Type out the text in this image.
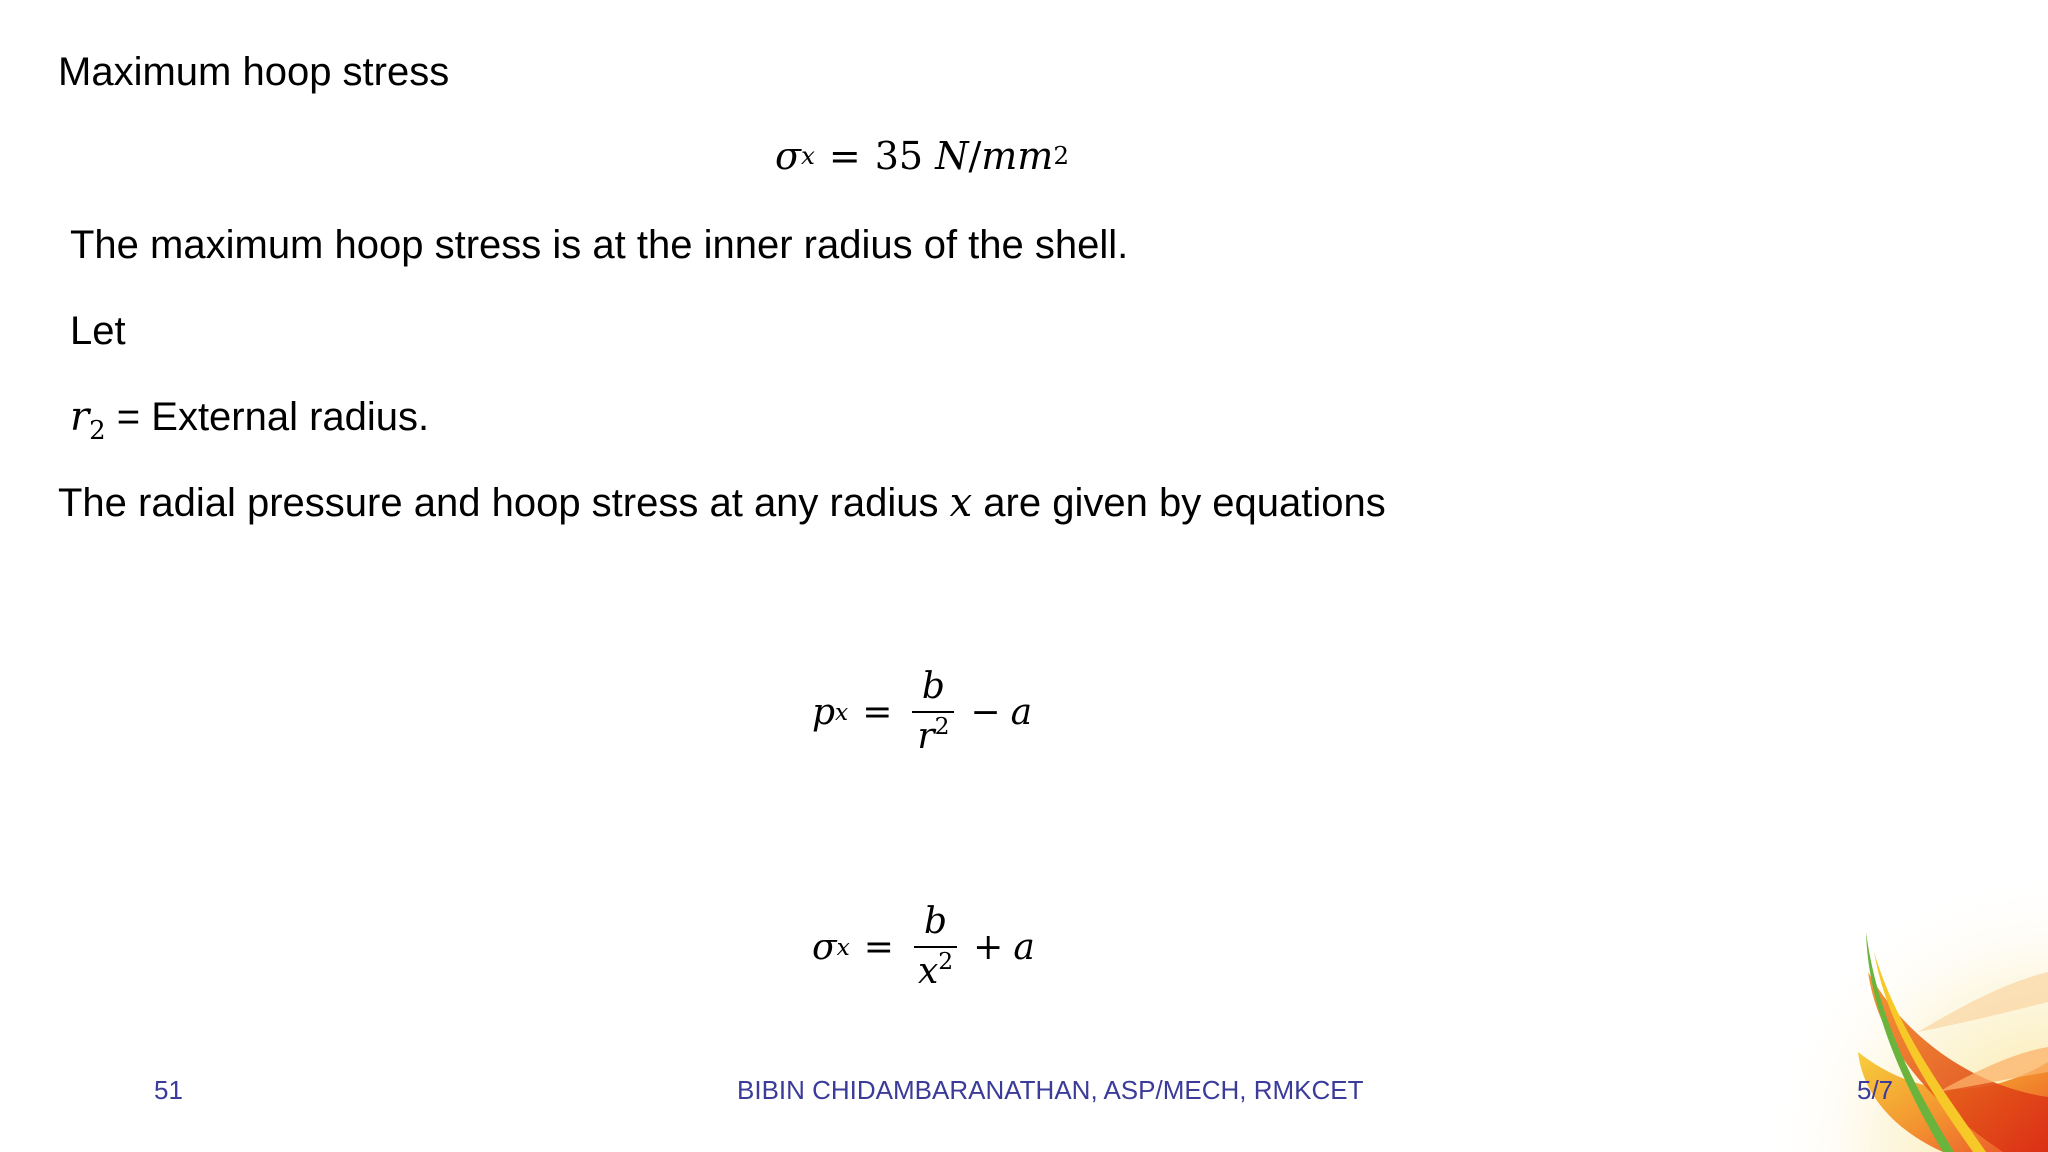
Maximum hoop stress
σ x = 35
N / mm 2
The maximum hoop stress is at the inner radius of the shell.
Let
$r_2$ = External radius.
The radial pressure and hoop stress at any radius x are given by equations
p $x = \frac{b}{r^2} - a$
σ $x = \frac{b}{x^2} + a$
51	BIBIN CHIDAMBARANATHAN, ASP/MECH, RMKCET	5/7
